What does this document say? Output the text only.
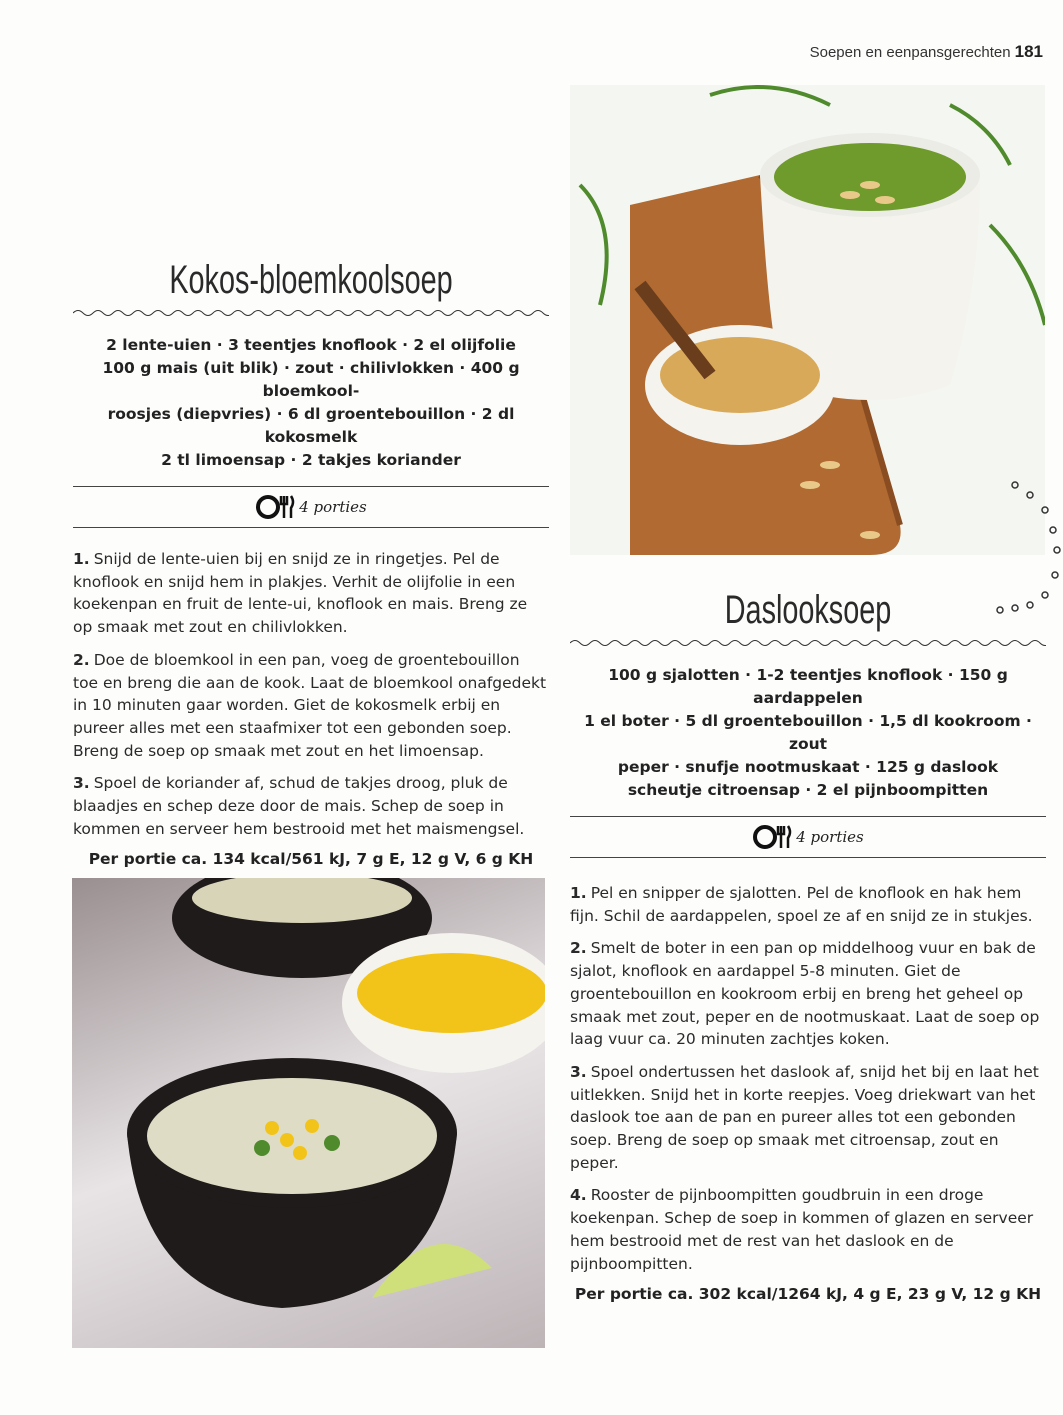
Soepen en eenpansgerechten 181
Kokos-bloemkoolsoep
2 lente-uien · 3 teentjes knoflook · 2 el olijfolie
100 g mais (uit blik) · zout · chilivlokken · 400 g bloemkool-
roosjes (diepvries) · 6 dl groentebouillon · 2 dl kokosmelk
2 tl limoensap · 2 takjes koriander
4 porties

1. Snijd de lente-uien bij en snijd ze in ringetjes. Pel de knoflook en snijd hem in plakjes. Verhit de olijfolie in een koekenpan en fruit de lente-ui, knoflook en mais. Breng ze op smaak met zout en chilivlokken.

2. Doe de bloemkool in een pan, voeg de groentebouillon toe en breng die aan de kook. Laat de bloemkool onafgedekt in 10 minuten gaar worden. Giet de kokosmelk erbij en pureer alles met een staafmixer tot een gebonden soep. Breng de soep op smaak met zout en het limoensap.

3. Spoel de koriander af, schud de takjes droog, pluk de blaadjes en schep deze door de mais. Schep de soep in kommen en serveer hem bestrooid met het maismengsel.

Per portie ca. 134 kcal/561 kJ, 7 g E, 12 g V, 6 g KH
Daslooksoep
100 g sjalotten · 1-2 teentjes knoflook · 150 g aardappelen
1 el boter · 5 dl groentebouillon · 1,5 dl kookroom · zout
peper · snufje nootmuskaat · 125 g daslook
scheutje citroensap · 2 el pijnboompitten
4 porties

1. Pel en snipper de sjalotten. Pel de knoflook en hak hem fijn. Schil de aardappelen, spoel ze af en snijd ze in stukjes.

2. Smelt de boter in een pan op middelhoog vuur en bak de sjalot, knoflook en aardappel 5-8 minuten. Giet de groentebouillon en kookroom erbij en breng het geheel op smaak met zout, peper en de nootmuskaat. Laat de soep op laag vuur ca. 20 minuten zachtjes koken.

3. Spoel ondertussen het daslook af, snijd het bij en laat het uitlekken. Snijd het in korte reepjes. Voeg driekwart van het daslook toe aan de pan en pureer alles tot een gebonden soep. Breng de soep op smaak met citroensap, zout en peper.

4. Rooster de pijnboompitten goudbruin in een droge koekenpan. Schep de soep in kommen of glazen en serveer hem bestrooid met de rest van het daslook en de pijnboompitten.

Per portie ca. 302 kcal/1264 kJ, 4 g E, 23 g V, 12 g KH
